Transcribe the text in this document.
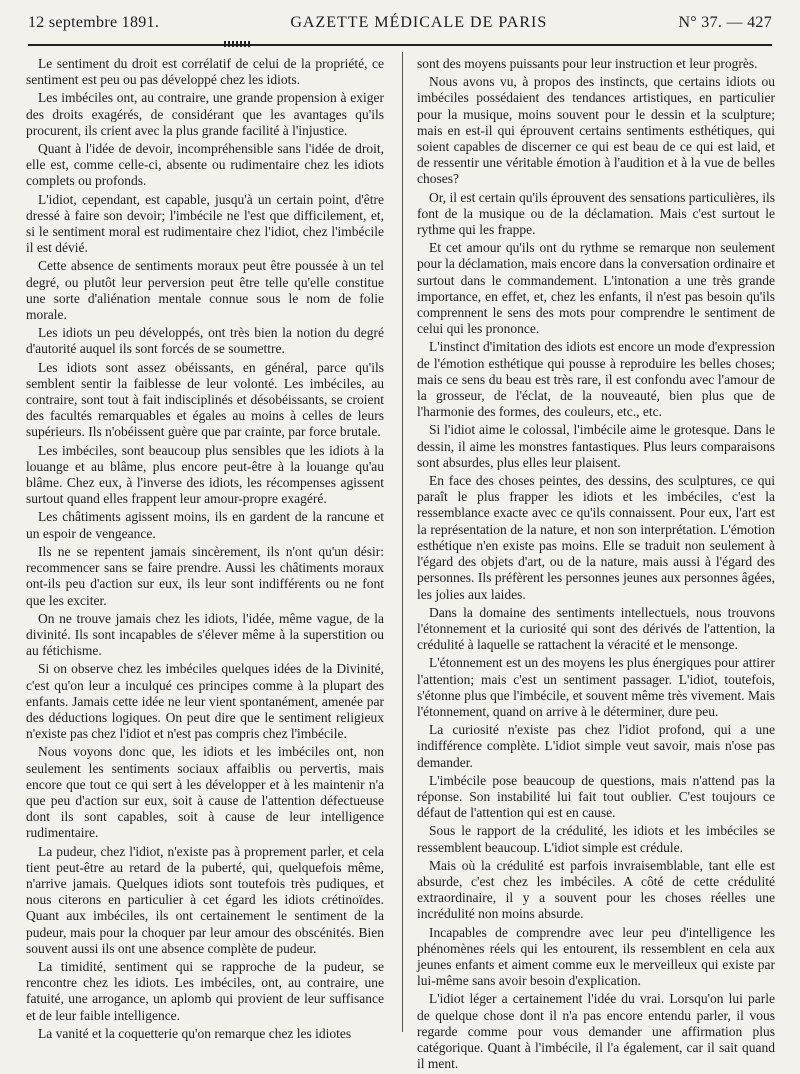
12 septembre 1891.	GAZETTE MÉDICALE DE PARIS	N° 37. — 427

Le sentiment du droit est corrélatif de celui de la propriété, ce sentiment est peu ou pas développé chez les idiots.

Les imbéciles ont, au contraire, une grande propension à exiger des droits exagérés, de considérant que les avantages qu'ils procurent, ils crient avec la plus grande facilité à l'injustice.

Quant à l'idée de devoir, incompréhensible sans l'idée de droit, elle est, comme celle-ci, absente ou rudimentaire chez les idiots complets ou profonds.

L'idiot, cependant, est capable, jusqu'à un certain point, d'être dressé à faire son devoir; l'imbécile ne l'est que difficilement, et, si le sentiment moral est rudimentaire chez l'idiot, chez l'imbécile il est dévié.

Cette absence de sentiments moraux peut être poussée à un tel degré, ou plutôt leur perversion peut être telle qu'elle constitue une sorte d'aliénation mentale connue sous le nom de folie morale.

Les idiots un peu développés, ont très bien la notion du degré d'autorité auquel ils sont forcés de se soumettre.

Les idiots sont assez obéissants, en général, parce qu'ils semblent sentir la faiblesse de leur volonté. Les imbéciles, au contraire, sont tout à fait indisciplinés et désobéissants, se croient des facultés remarquables et égales au moins à celles de leurs supérieurs. Ils n'obéissent guère que par crainte, par force brutale.

Les imbéciles, sont beaucoup plus sensibles que les idiots à la louange et au blâme, plus encore peut-être à la louange qu'au blâme. Chez eux, à l'inverse des idiots, les récompenses agissent surtout quand elles frappent leur amour-propre exagéré.

Les châtiments agissent moins, ils en gardent de la rancune et un espoir de vengeance.

Ils ne se repentent jamais sincèrement, ils n'ont qu'un désir: recommencer sans se faire prendre. Aussi les châtiments moraux ont-ils peu d'action sur eux, ils leur sont indifférents ou ne font que les exciter.

On ne trouve jamais chez les idiots, l'idée, même vague, de la divinité. Ils sont incapables de s'élever même à la superstition ou au fétichisme.

Si on observe chez les imbéciles quelques idées de la Divinité, c'est qu'on leur a inculqué ces principes comme à la plupart des enfants. Jamais cette idée ne leur vient spontanément, amenée par des déductions logiques. On peut dire que le sentiment religieux n'existe pas chez l'idiot et n'est pas compris chez l'imbécile.

Nous voyons donc que, les idiots et les imbéciles ont, non seulement les sentiments sociaux affaiblis ou pervertis, mais encore que tout ce qui sert à les développer et à les maintenir n'a que peu d'action sur eux, soit à cause de l'attention défectueuse dont ils sont capables, soit à cause de leur intelligence rudimentaire.

La pudeur, chez l'idiot, n'existe pas à proprement parler, et cela tient peut-être au retard de la puberté, qui, quelquefois même, n'arrive jamais. Quelques idiots sont toutefois très pudiques, et nous citerons en particulier à cet égard les idiots crétinoïdes. Quant aux imbéciles, ils ont certainement le sentiment de la pudeur, mais pour la choquer par leur amour des obscénités. Bien souvent aussi ils ont une absence complète de pudeur.

La timidité, sentiment qui se rapproche de la pudeur, se rencontre chez les idiots. Les imbéciles, ont, au contraire, une fatuité, une arrogance, un aplomb qui provient de leur suffisance et de leur faible intelligence.

La vanité et la coquetterie qu'on remarque chez les idiotes

sont des moyens puissants pour leur instruction et leur progrès.

Nous avons vu, à propos des instincts, que certains idiots ou imbéciles possédaient des tendances artistiques, en particulier pour la musique, moins souvent pour le dessin et la sculpture; mais en est-il qui éprouvent certains sentiments esthétiques, qui soient capables de discerner ce qui est beau de ce qui est laid, et de ressentir une véritable émotion à l'audition et à la vue de belles choses?

Or, il est certain qu'ils éprouvent des sensations particulières, ils font de la musique ou de la déclamation. Mais c'est surtout le rythme qui les frappe.

Et cet amour qu'ils ont du rythme se remarque non seulement pour la déclamation, mais encore dans la conversation ordinaire et surtout dans le commandement. L'intonation a une très grande importance, en effet, et, chez les enfants, il n'est pas besoin qu'ils comprennent le sens des mots pour comprendre le sentiment de celui qui les prononce.

L'instinct d'imitation des idiots est encore un mode d'expression de l'émotion esthétique qui pousse à reproduire les belles choses; mais ce sens du beau est très rare, il est confondu avec l'amour de la grosseur, de l'éclat, de la nouveauté, bien plus que de l'harmonie des formes, des couleurs, etc., etc.

Si l'idiot aime le colossal, l'imbécile aime le grotesque. Dans le dessin, il aime les monstres fantastiques. Plus leurs comparaisons sont absurdes, plus elles leur plaisent.

En face des choses peintes, des dessins, des sculptures, ce qui paraît le plus frapper les idiots et les imbéciles, c'est la ressemblance exacte avec ce qu'ils connaissent. Pour eux, l'art est la représentation de la nature, et non son interprétation. L'émotion esthétique n'en existe pas moins. Elle se traduit non seulement à l'égard des objets d'art, ou de la nature, mais aussi à l'égard des personnes. Ils préfèrent les personnes jeunes aux personnes âgées, les jolies aux laides.

Dans la domaine des sentiments intellectuels, nous trouvons l'étonnement et la curiosité qui sont des dérivés de l'attention, la crédulité à laquelle se rattachent la véracité et le mensonge.

L'étonnement est un des moyens les plus énergiques pour attirer l'attention; mais c'est un sentiment passager. L'idiot, toutefois, s'étonne plus que l'imbécile, et souvent même très vivement. Mais l'étonnement, quand on arrive à le déterminer, dure peu.

La curiosité n'existe pas chez l'idiot profond, qui a une indifférence complète. L'idiot simple veut savoir, mais n'ose pas demander.

L'imbécile pose beaucoup de questions, mais n'attend pas la réponse. Son instabilité lui fait tout oublier. C'est toujours ce défaut de l'attention qui est en cause.

Sous le rapport de la crédulité, les idiots et les imbéciles se ressemblent beaucoup. L'idiot simple est crédule.

Mais où la crédulité est parfois invraisemblable, tant elle est absurde, c'est chez les imbéciles. A côté de cette crédulité extraordinaire, il y a souvent pour les choses réelles une incrédulité non moins absurde.

Incapables de comprendre avec leur peu d'intelligence les phénomènes réels qui les entourent, ils ressemblent en cela aux jeunes enfants et aiment comme eux le merveilleux qui existe par lui-même sans avoir besoin d'explication.

L'idiot léger a certainement l'idée du vrai. Lorsqu'on lui parle de quelque chose dont il n'a pas encore entendu parler, il vous regarde comme pour vous demander une affirmation plus catégorique. Quant à l'imbécile, il l'a également, car il sait quand il ment.
